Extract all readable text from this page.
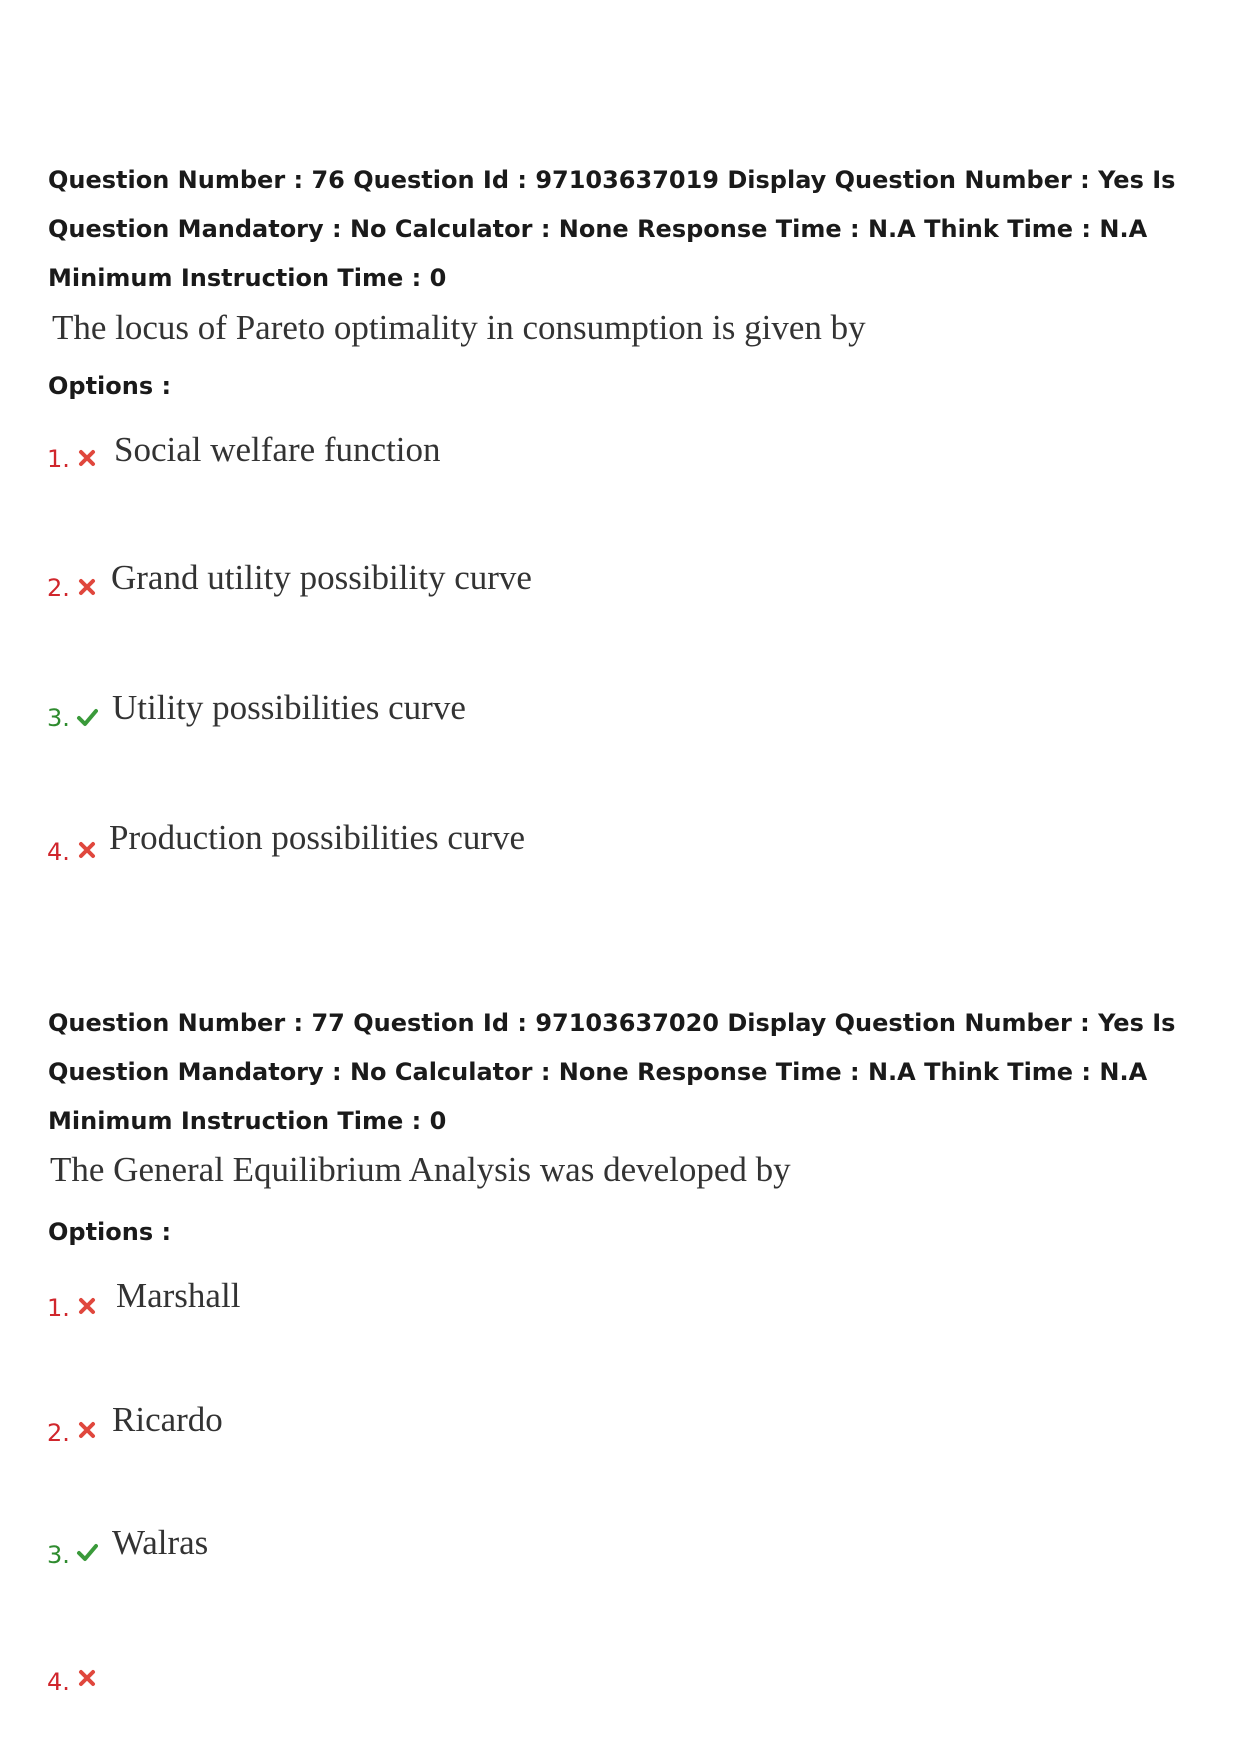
Question Number : 76 Question Id : 97103637019 Display Question Number : Yes Is Question Mandatory : No Calculator : None Response Time : N.A Think Time : N.A Minimum Instruction Time : 0

The locus of Pareto optimality in consumption is given by
Options :
1. Social welfare function
2. Grand utility possibility curve
3. Utility possibilities curve
4. Production possibilities curve

Question Number : 77 Question Id : 97103637020 Display Question Number : Yes Is Question Mandatory : No Calculator : None Response Time : N.A Think Time : N.A Minimum Instruction Time : 0

The General Equilibrium Analysis was developed by
Options :
1. Marshall
2. Ricardo
3. Walras
4.
